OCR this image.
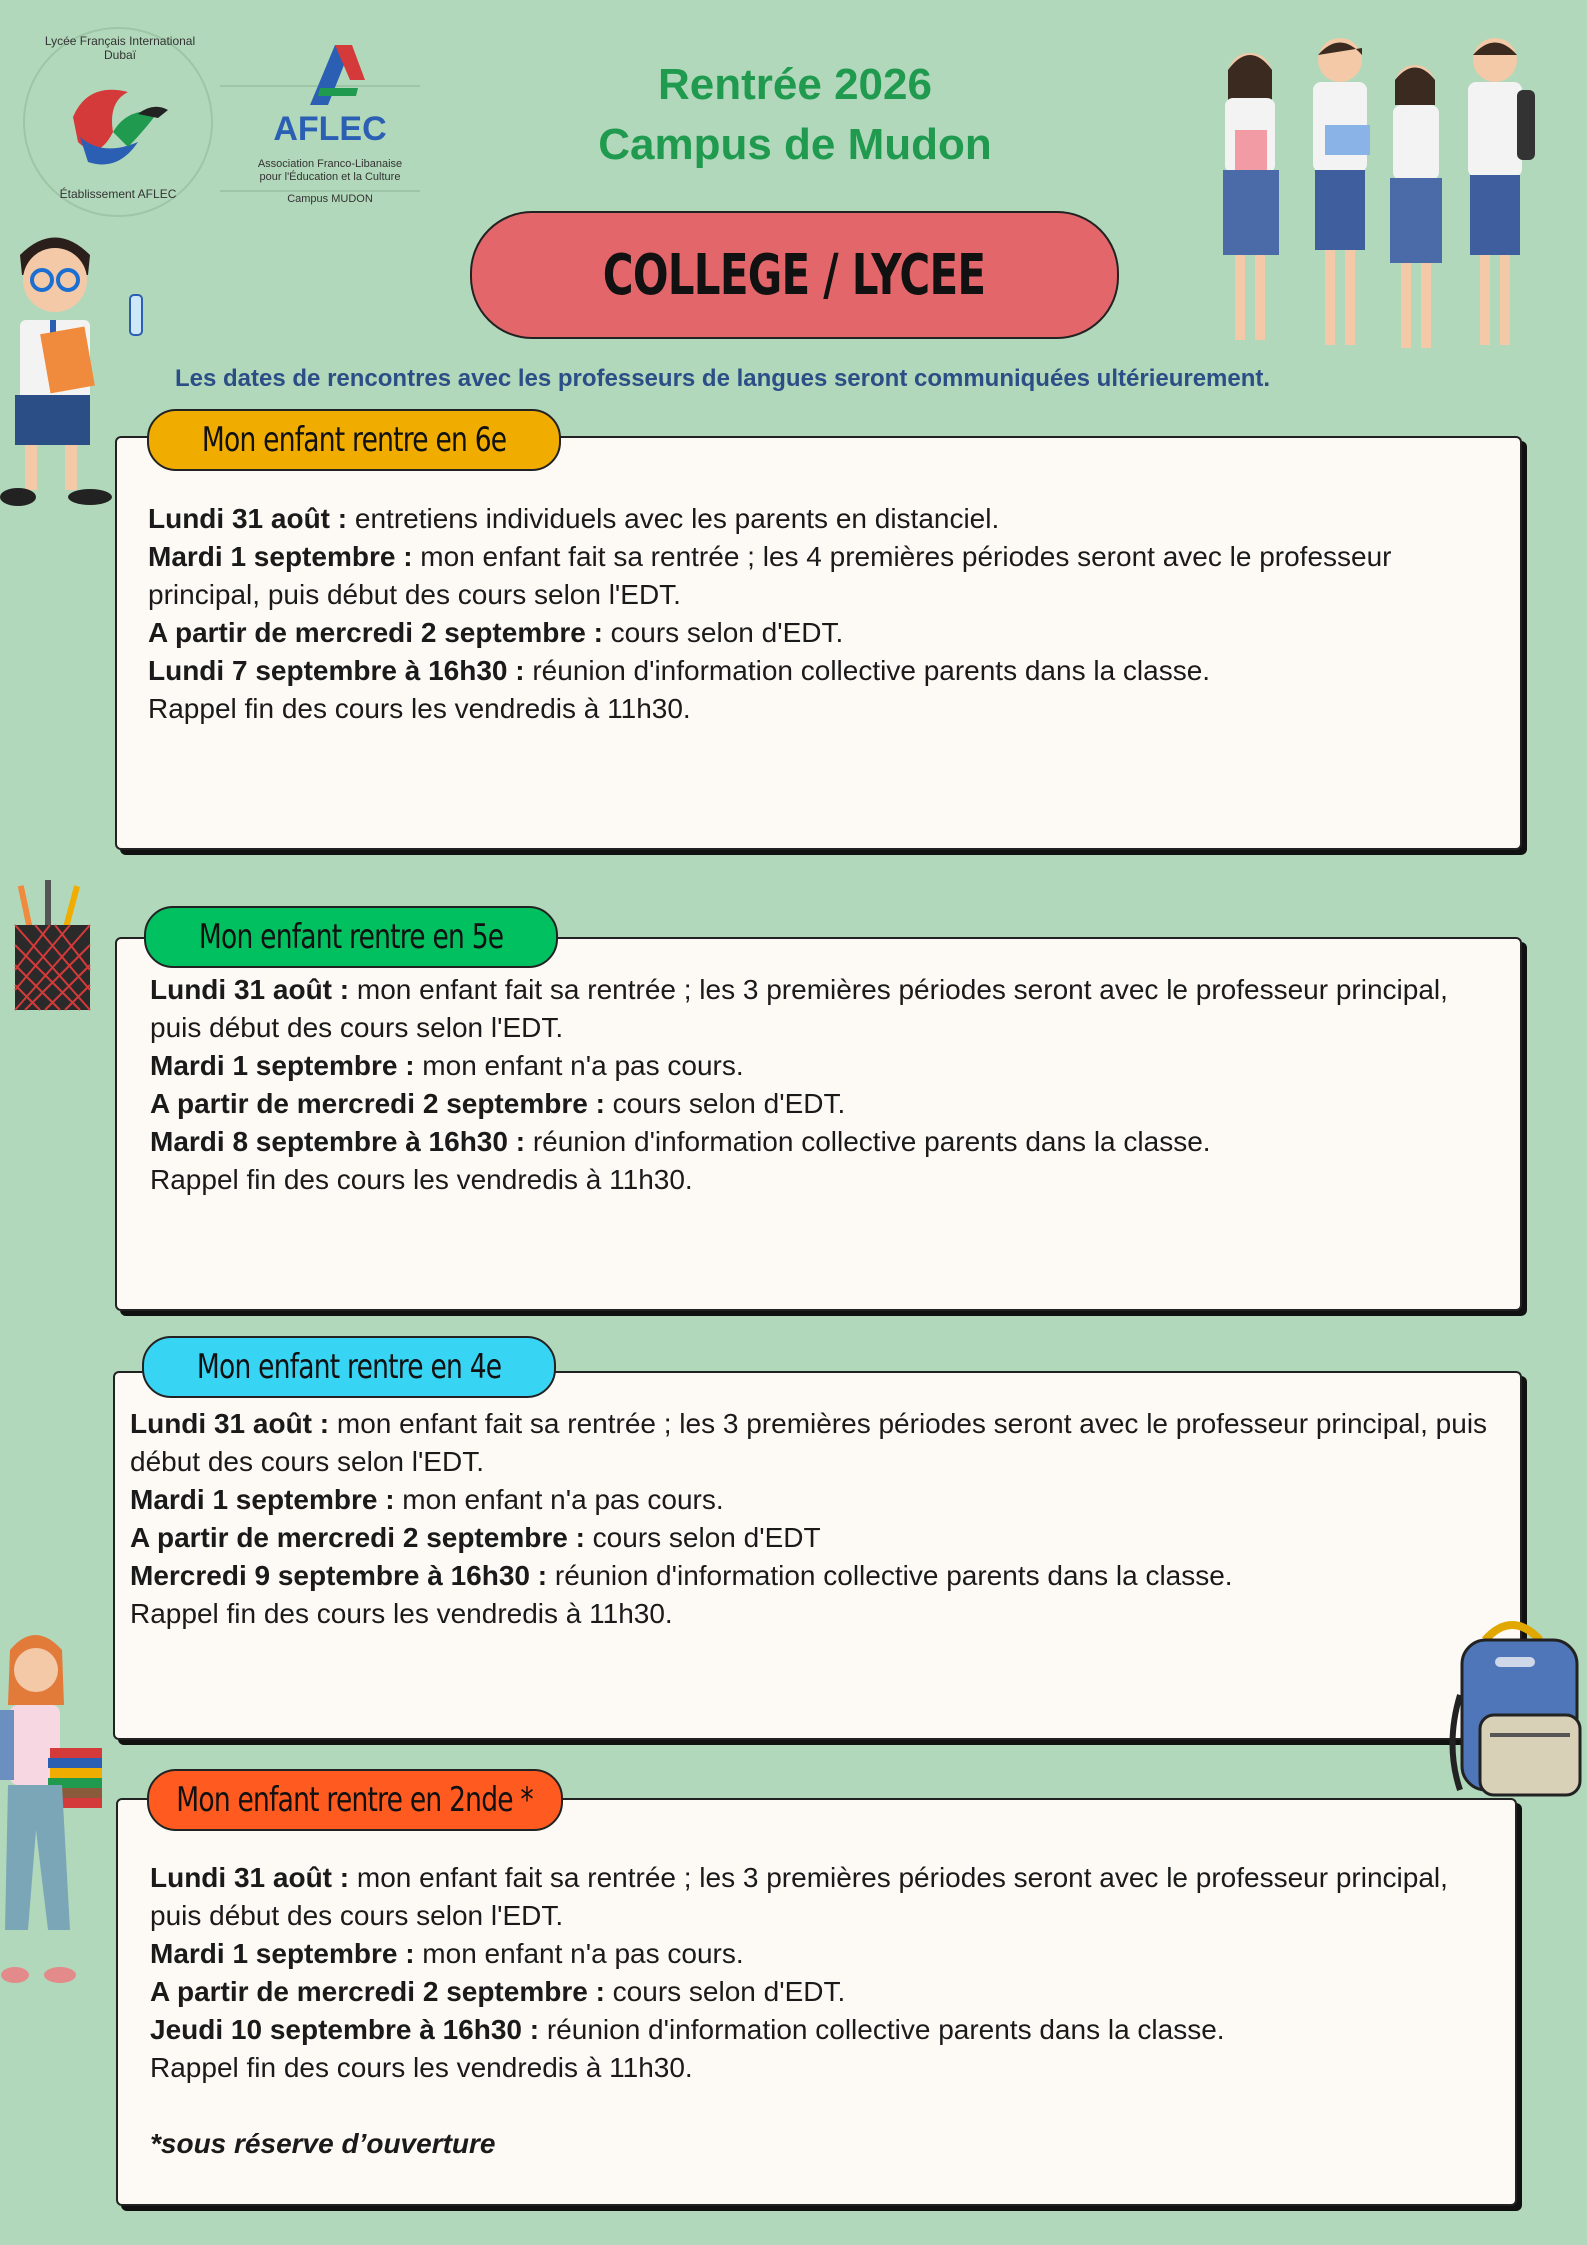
Lycée Français International Dubaï
Établissement AFLEC
AFLEC
Association Franco-Libanaise
pour l'Éducation et la Culture
Campus MUDON
Rentrée 2026
Campus de Mudon
COLLEGE / LYCEE
Les dates de rencontres avec les professeurs de langues seront communiquées ultérieurement.
Mon enfant rentre en 6e

Lundi 31 août : entretiens individuels avec les parents en distanciel.

Mardi 1 septembre : mon enfant fait sa rentrée ; les 4 premières périodes seront avec le professeur principal, puis début des cours selon l'EDT.

A partir de mercredi 2 septembre : cours selon d'EDT.

Lundi 7 septembre à 16h30 : réunion d'information collective parents dans la classe.

Rappel fin des cours les vendredis à 11h30.

Mon enfant rentre en 5e

Lundi 31 août : mon enfant fait sa rentrée ; les 3 premières périodes seront avec le professeur principal, puis début des cours selon l'EDT.

Mardi 1 septembre : mon enfant n'a pas cours.

A partir de mercredi 2 septembre : cours selon d'EDT.

Mardi 8 septembre à 16h30 : réunion d'information collective parents dans la classe.

Rappel fin des cours les vendredis à 11h30.

Mon enfant rentre en 4e

Lundi 31 août : mon enfant fait sa rentrée ; les 3 premières périodes seront avec le professeur principal, puis début des cours selon l'EDT.

Mardi 1 septembre : mon enfant n'a pas cours.

A partir de mercredi 2 septembre : cours selon d'EDT

Mercredi 9 septembre à 16h30 : réunion d'information collective parents dans la classe.

Rappel fin des cours les vendredis à 11h30.

Mon enfant rentre en 2nde *

Lundi 31 août : mon enfant fait sa rentrée ; les 3 premières périodes seront avec le professeur principal, puis début des cours selon l'EDT.

Mardi 1 septembre : mon enfant n'a pas cours.

A partir de mercredi 2 septembre : cours selon d'EDT.

Jeudi 10 septembre à 16h30 : réunion d'information collective parents dans la classe.

Rappel fin des cours les vendredis à 11h30.

*sous réserve d’ouverture
